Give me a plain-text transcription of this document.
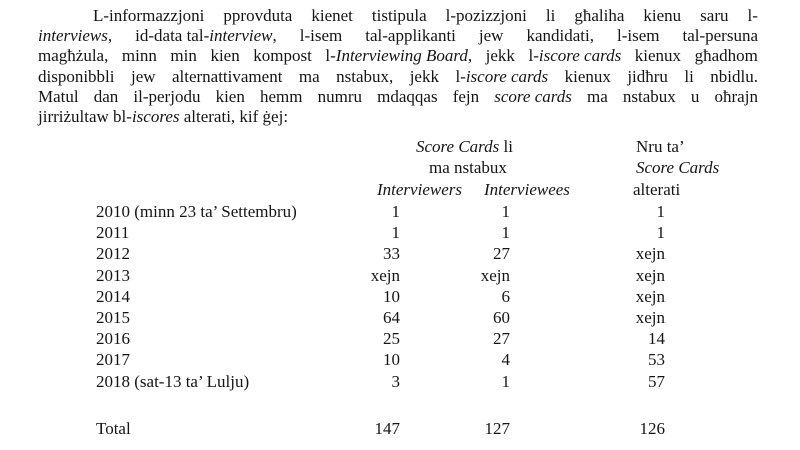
L-informazzjoni pprovduta kienet tistipula l-pozizzjoni li għaliha kienu saru l-
interviews, id-data tal-interview, l-isem tal-applikanti jew kandidati, l-isem tal-persuna
magħżula, minn min kien kompost l-Interviewing Board, jekk l-iscore cards kienux għadhom
disponibbli jew alternattivament ma nstabux, jekk l-iscore cards kienux jidħru li nbidlu.
Matul dan il-perjodu kien hemm numru mdaqqas fejn score cards ma nstabux u oħrajn
jirriżultaw bl-iscores alterati, kif ġej:
Score Cards li
ma nstabux
Interviewers Interviewees
Nru ta’
Score Cards
alterati
2010 (minn 23 ta’ Settembru)	1	1	1
2011	1	1	1
2012	33	27	xejn
2013	xejn	xejn	xejn
2014	10	6	xejn
2015	64	60	xejn
2016	25	27	14
2017	10	4	53
2018 (sat-13 ta’ Lulju)	3	1	57
Total	147	127	126
